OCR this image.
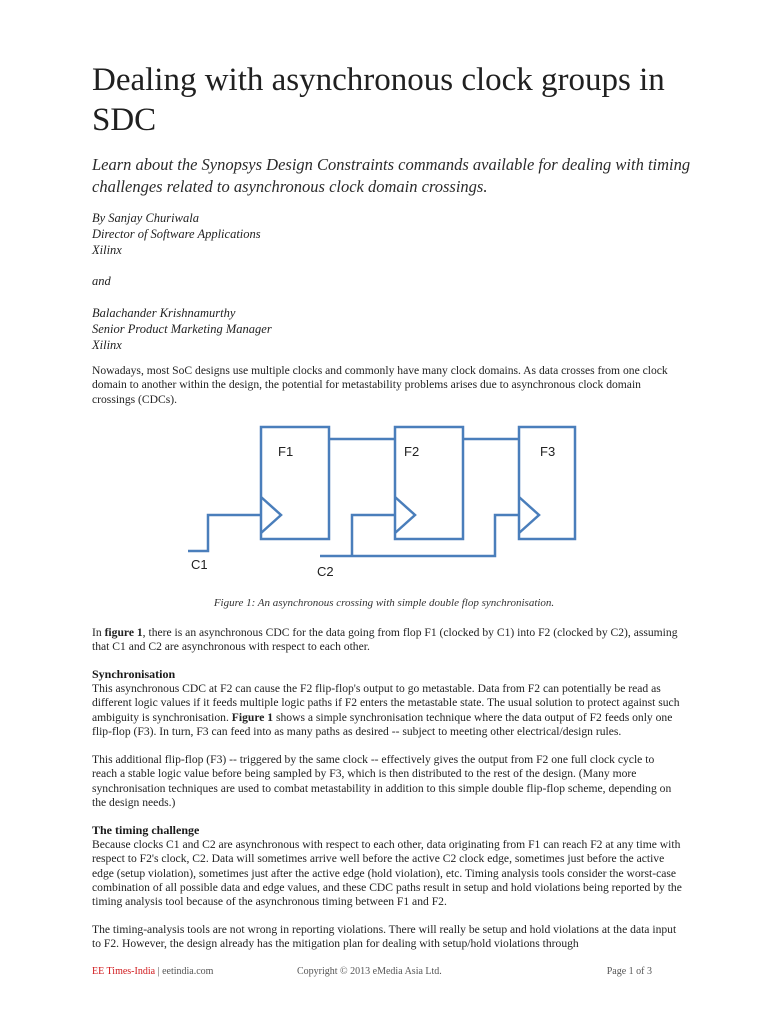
Dealing with asynchronous clock groups in SDC

Learn about the Synopsys Design Constraints commands available for dealing with timing challenges related to asynchronous clock domain crossings.

By Sanjay Churiwala

Director of Software Applications

Xilinx

and

Balachander Krishnamurthy

Senior Product Marketing Manager

Xilinx

Nowadays, most SoC designs use multiple clocks and commonly have many clock domains. As data crosses from one clock domain to another within the design, the potential for metastability problems arises due to asynchronous clock domain crossings (CDCs).

F1	F2	F3
C1	C2

Figure 1: An asynchronous crossing with simple double flop synchronisation.

In figure 1, there is an asynchronous CDC for the data going from flop F1 (clocked by C1) into F2 (clocked by C2), assuming that C1 and C2 are asynchronous with respect to each other.

Synchronisation

This asynchronous CDC at F2 can cause the F2 flip-flop's output to go metastable. Data from F2 can potentially be read as different logic values if it feeds multiple logic paths if F2 enters the metastable state. The usual solution to protect against such ambiguity is synchronisation. Figure 1 shows a simple synchronisation technique where the data output of F2 feeds only one flip-flop (F3). In turn, F3 can feed into as many paths as desired -- subject to meeting other electrical/design rules.

This additional flip-flop (F3) -- triggered by the same clock -- effectively gives the output from F2 one full clock cycle to reach a stable logic value before being sampled by F3, which is then distributed to the rest of the design. (Many more synchronisation techniques are used to combat metastability in addition to this simple double flip-flop scheme, depending on the design needs.)

The timing challenge

Because clocks C1 and C2 are asynchronous with respect to each other, data originating from F1 can reach F2 at any time with respect to F2's clock, C2. Data will sometimes arrive well before the active C2 clock edge, sometimes just before the active edge (setup violation), sometimes just after the active edge (hold violation), etc. Timing analysis tools consider the worst-case combination of all possible data and edge values, and these CDC paths result in setup and hold violations being reported by the timing analysis tool because of the asynchronous timing between F1 and F2.

The timing-analysis tools are not wrong in reporting violations. There will really be setup and hold violations at the data input to F2. However, the design already has the mitigation plan for dealing with setup/hold violations through

EE Times-India | eetindia.com	Copyright © 2013 eMedia Asia Ltd.	Page 1 of 3
